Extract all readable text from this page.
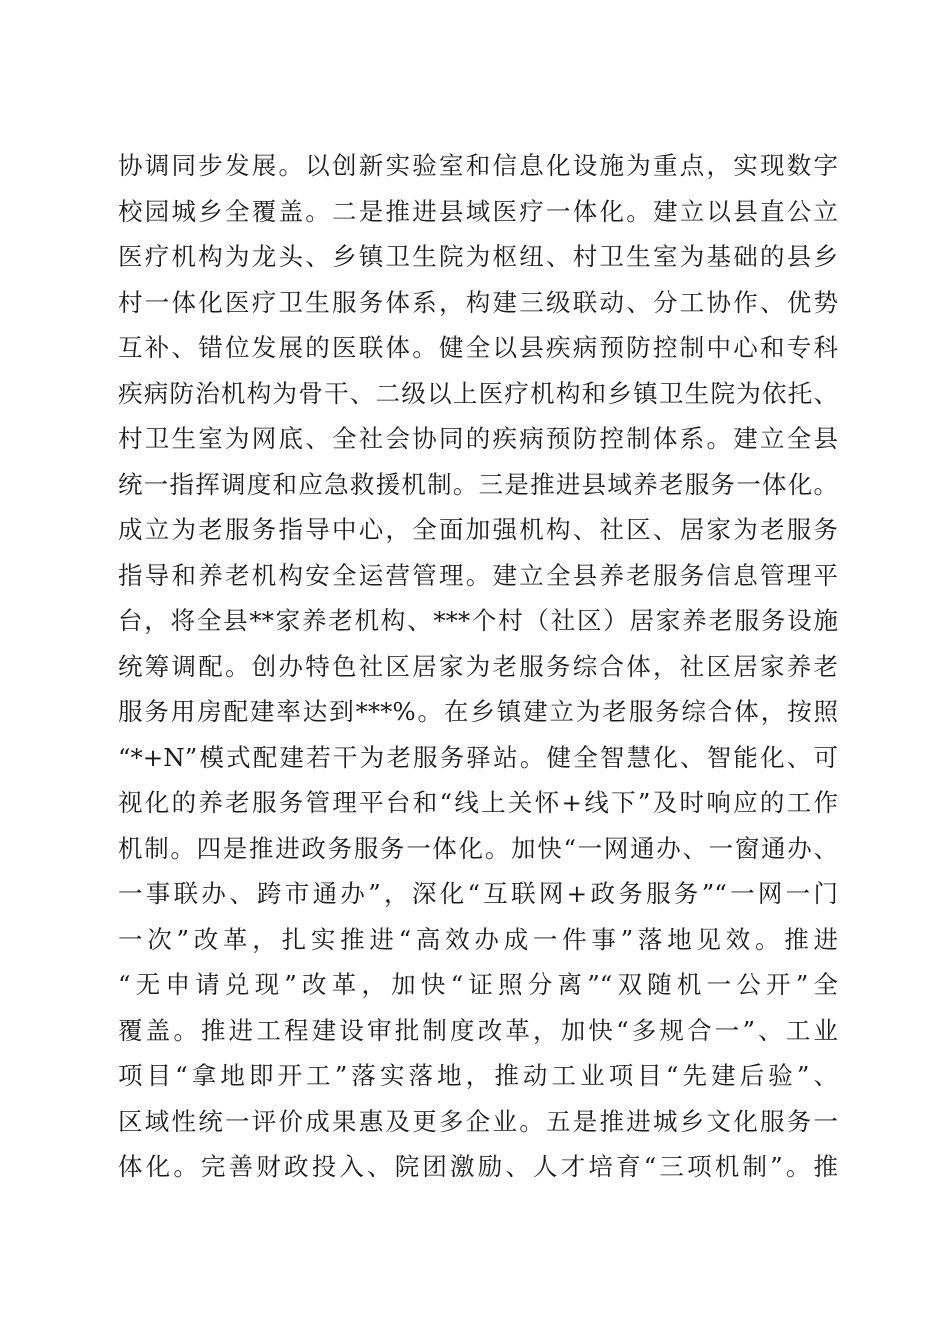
协调同步发展。以创新实验室和信息化设施为重点，实现数字
校园城乡全覆盖。二是推进县域医疗一体化。建立以县直公立
医疗机构为龙头、乡镇卫生院为枢纽、村卫生室为基础的县乡
村一体化医疗卫生服务体系，构建三级联动、分工协作、优势
互补、错位发展的医联体。健全以县疾病预防控制中心和专科
疾病防治机构为骨干、二级以上医疗机构和乡镇卫生院为依托、
村卫生室为网底、全社会协同的疾病预防控制体系。建立全县
统一指挥调度和应急救援机制。三是推进县域养老服务一体化。
成立为老服务指导中心，全面加强机构、社区、居家为老服务
指导和养老机构安全运营管理。建立全县养老服务信息管理平
台，将全县**家养老机构、***个村（社区）居家养老服务设施
统筹调配。创办特色社区居家为老服务综合体，社区居家养老
服务用房配建率达到***%。在乡镇建立为老服务综合体，按照
“*+N”模式配建若干为老服务驿站。健全智慧化、智能化、可
视化的养老服务管理平台和“线上关怀+线下”及时响应的工作
机制。四是推进政务服务一体化。加快“一网通办、一窗通办、
一事联办、跨市通办”，深化“互联网+政务服务”“一网一门
一次”改革，扎实推进“高效办成一件事”落地见效。推进
“无申请兑现”改革，加快“证照分离”“双随机一公开”全
覆盖。推进工程建设审批制度改革，加快“多规合一”、工业
项目“拿地即开工”落实落地，推动工业项目“先建后验”、
区域性统一评价成果惠及更多企业。五是推进城乡文化服务一
体化。完善财政投入、院团激励、人才培育“三项机制”。推
